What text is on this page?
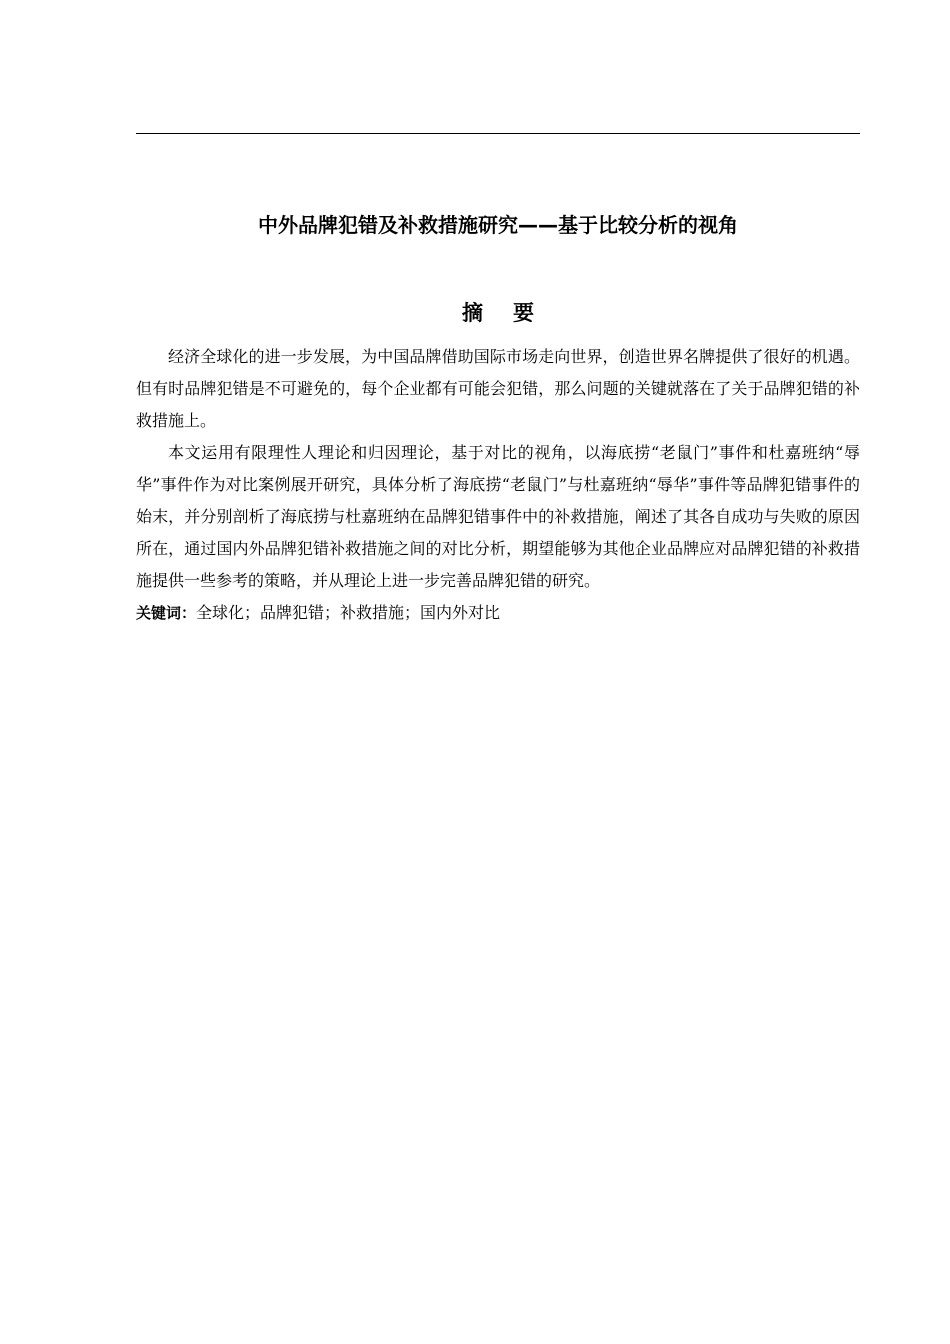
中外品牌犯错及补救措施研究——基于比较分析的视角
摘要

经济全球化的进一步发展，为中国品牌借助国际市场走向世界，创造世界名牌提供了很好的机遇。但有时品牌犯错是不可避免的，每个企业都有可能会犯错，那么问题的关键就落在了关于品牌犯错的补救措施上。

本文运用有限理性人理论和归因理论，基于对比的视角，以海底捞“老鼠门”事件和杜嘉班纳“辱华”事件作为对比案例展开研究，具体分析了海底捞“老鼠门”与杜嘉班纳“辱华”事件等品牌犯错事件的始末，并分别剖析了海底捞与杜嘉班纳在品牌犯错事件中的补救措施，阐述了其各自成功与失败的原因所在，通过国内外品牌犯错补救措施之间的对比分析，期望能够为其他企业品牌应对品牌犯错的补救措施提供一些参考的策略，并从理论上进一步完善品牌犯错的研究。

关键词：全球化；品牌犯错；补救措施；国内外对比
